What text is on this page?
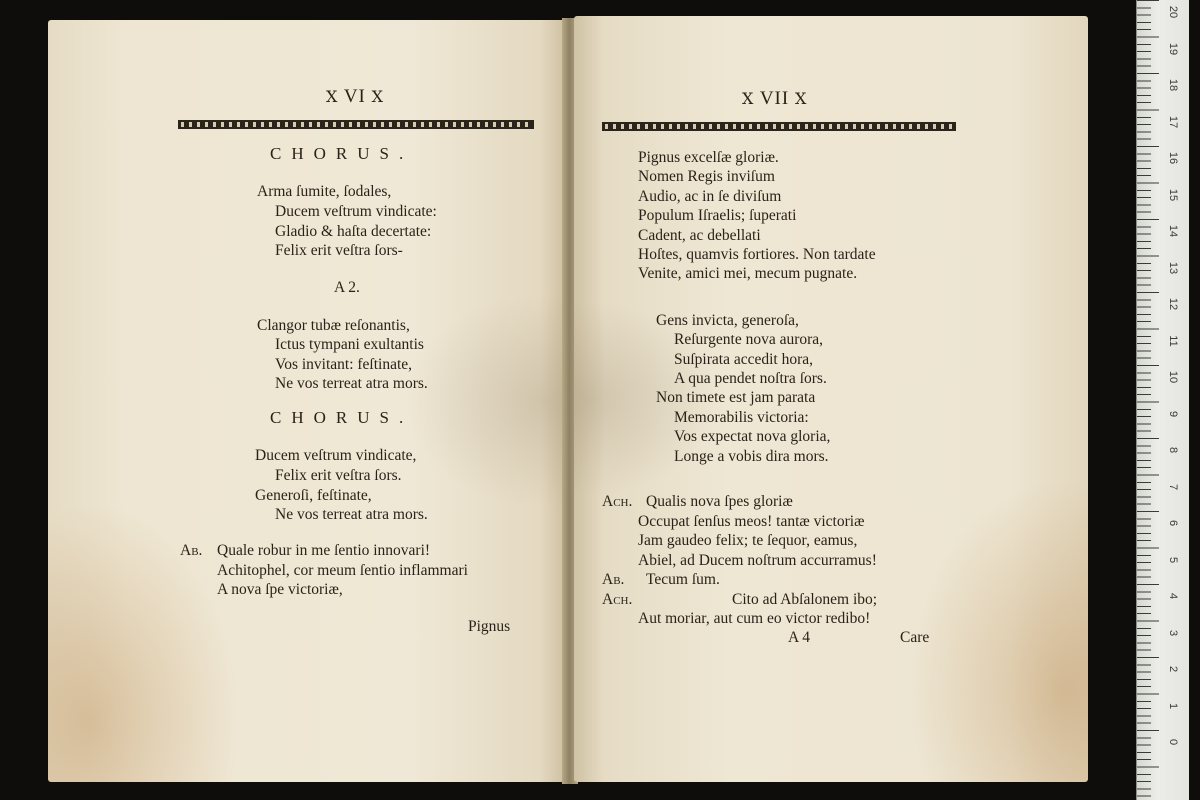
Ⅹ VI Ⅹ
CHORUS.
Arma ſumite, ſodales,
Ducem veſtrum vindicate:
Gladio & haſta decertate:
Felix erit veſtra ſors-
A 2.
Clangor tubæ reſonantis,
Ictus tympani exultantis
Vos invitant: feſtinate,
Ne vos terreat atra mors.
CHORUS.
Ducem veſtrum vindicate,
Felix erit veſtra ſors.
Generoſi, feſtinate,
Ne vos terreat atra mors.
Ab. Quale robur in me ſentio innovari!
Achitophel, cor meum ſentio inflammari
A nova ſpe victoriæ,
Pignus
Ⅹ VII Ⅹ
Pignus excelſæ gloriæ.
Nomen Regis inviſum
Audio, ac in ſe diviſum
Populum Iſraelis; ſuperati
Cadent, ac debellati
Hoſtes, quamvis fortiores. Non tardate
Venite, amici mei, mecum pugnate.
Gens invicta, generoſa,
Reſurgente nova aurora,
Suſpirata accedit hora,
A qua pendet noſtra ſors.
Non timete est jam parata
Memorabilis victoria:
Vos expectat nova gloria,
Longe a vobis dira mors.
Ach. Qualis nova ſpes gloriæ
Occupat ſenſus meos! tantæ victoriæ
Jam gaudeo felix; te ſequor, eamus,
Abiel, ad Ducem noſtrum accurramus!
Ab. Tecum ſum.
Ach.	Cito ad Abſalonem ibo;
Aut moriar, aut cum eo victor redibo!
A 4	Care
20
19
18
17
16
15
14
13
12
11
10
9
8
7
6
5
4
3
2
1
0
